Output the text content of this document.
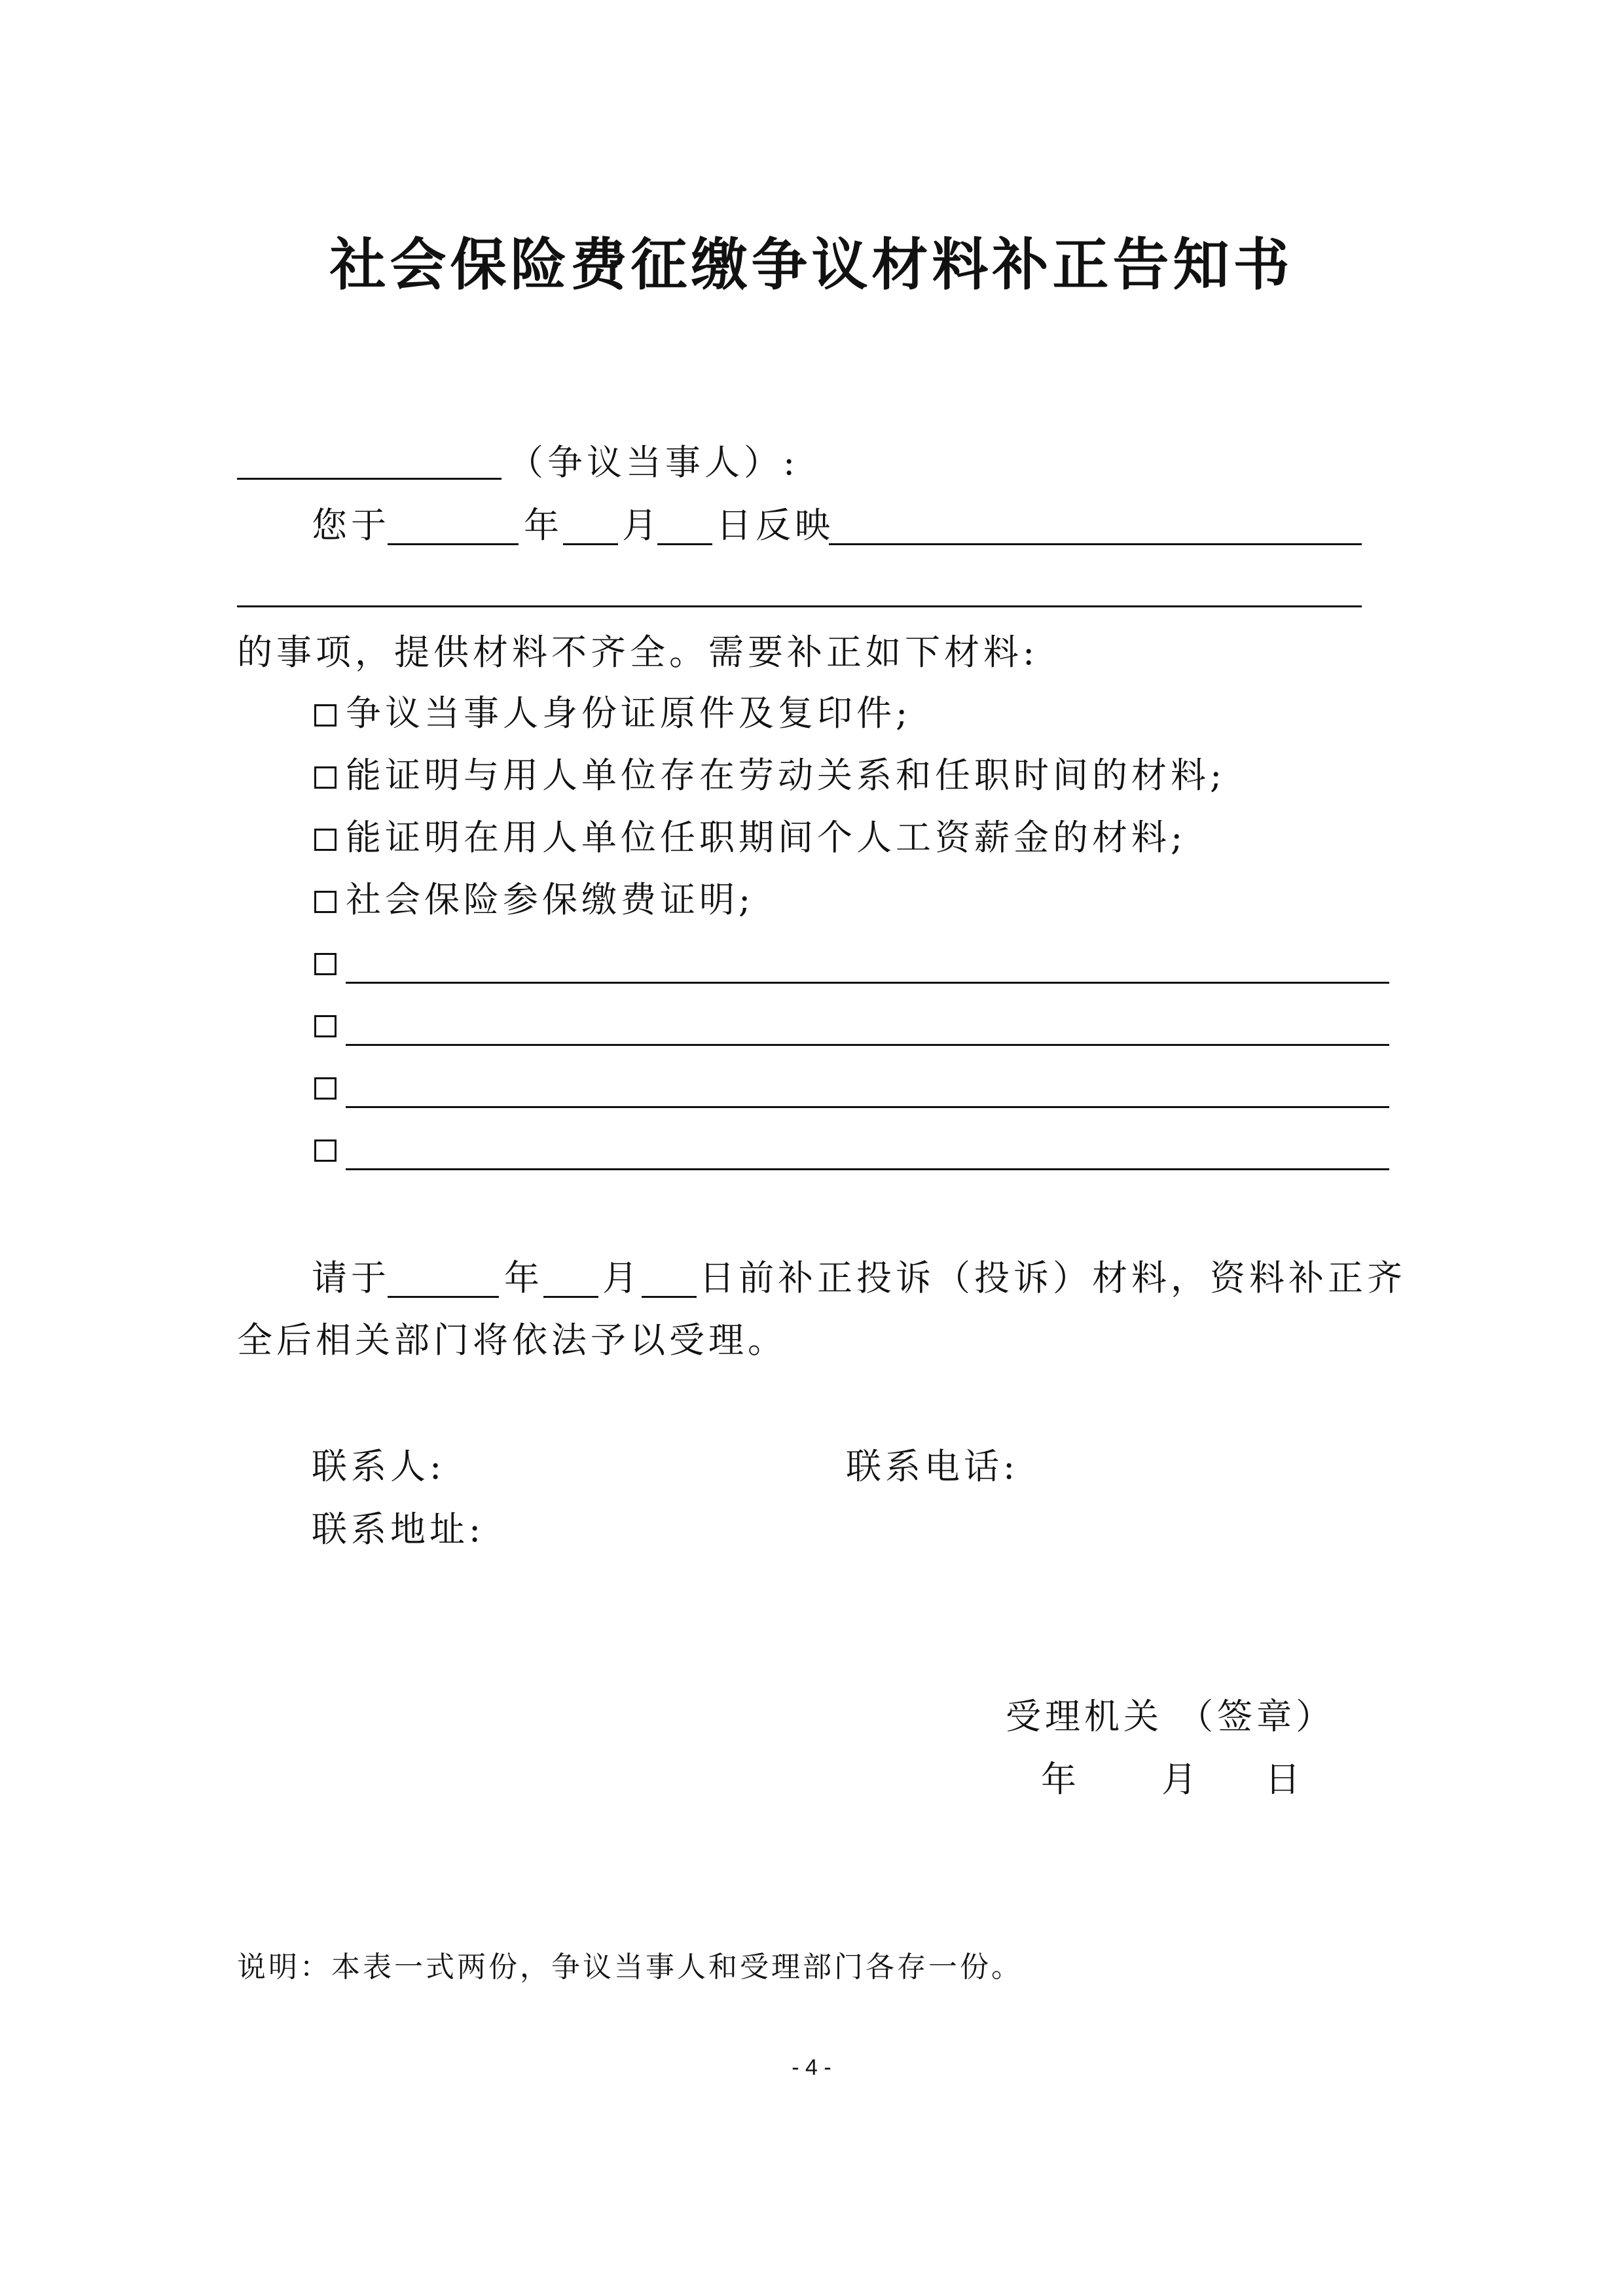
社会保险费征缴争议材料补正告知书
（争议当事人）:
您于	年 月 日反映
的事项，提供材料不齐全。需要补正如下材料:
争议当事人身份证原件及复印件;
能证明与用人单位存在劳动关系和任职时间的材料;
能证明在用人单位任职期间个人工资薪金的材料;
社会保险参保缴费证明;
请于	年 月 日前补正投诉（投诉）材料，资料补正齐
全后相关部门将依法予以受理。
联系人:	联系电话:
联系地址:
受理机关 （签章）
年 月 日
说明：本表一式两份，争议当事人和受理部门各存一份。
- 4 -
